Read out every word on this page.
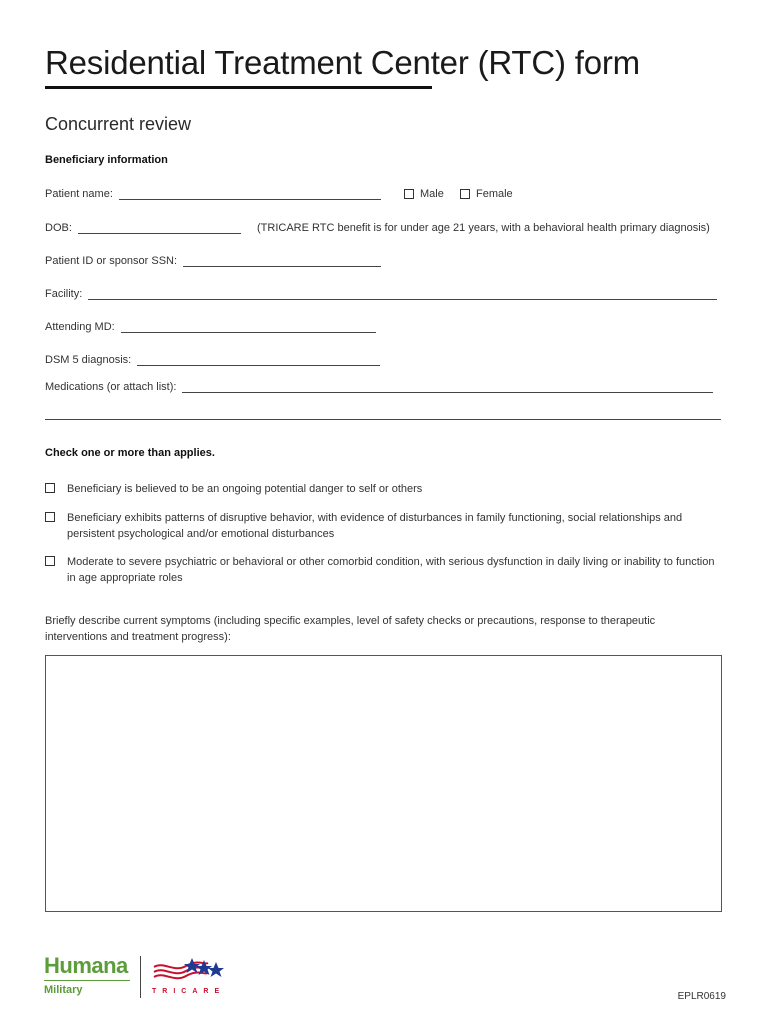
Residential Treatment Center (RTC) form
Concurrent review
Beneficiary information
Patient name:	Male	Female
DOB:	(TRICARE RTC benefit is for under age 21 years, with a behavioral health primary diagnosis)
Patient ID or sponsor SSN:
Facility:
Attending MD:
DSM 5 diagnosis:
Medications (or attach list):
Check one or more than applies.
Beneficiary is believed to be an ongoing potential danger to self or others
Beneficiary exhibits patterns of disruptive behavior, with evidence of disturbances in family functioning, social relationships and persistent psychological and/or emotional disturbances
Moderate to severe psychiatric or behavioral or other comorbid condition, with serious dysfunction in daily living or inability to function in age appropriate roles
Briefly describe current symptoms (including specific examples, level of safety checks or precautions, response to therapeutic interventions and treatment progress):
Humana
Military	TRICARE	EPLR0619
